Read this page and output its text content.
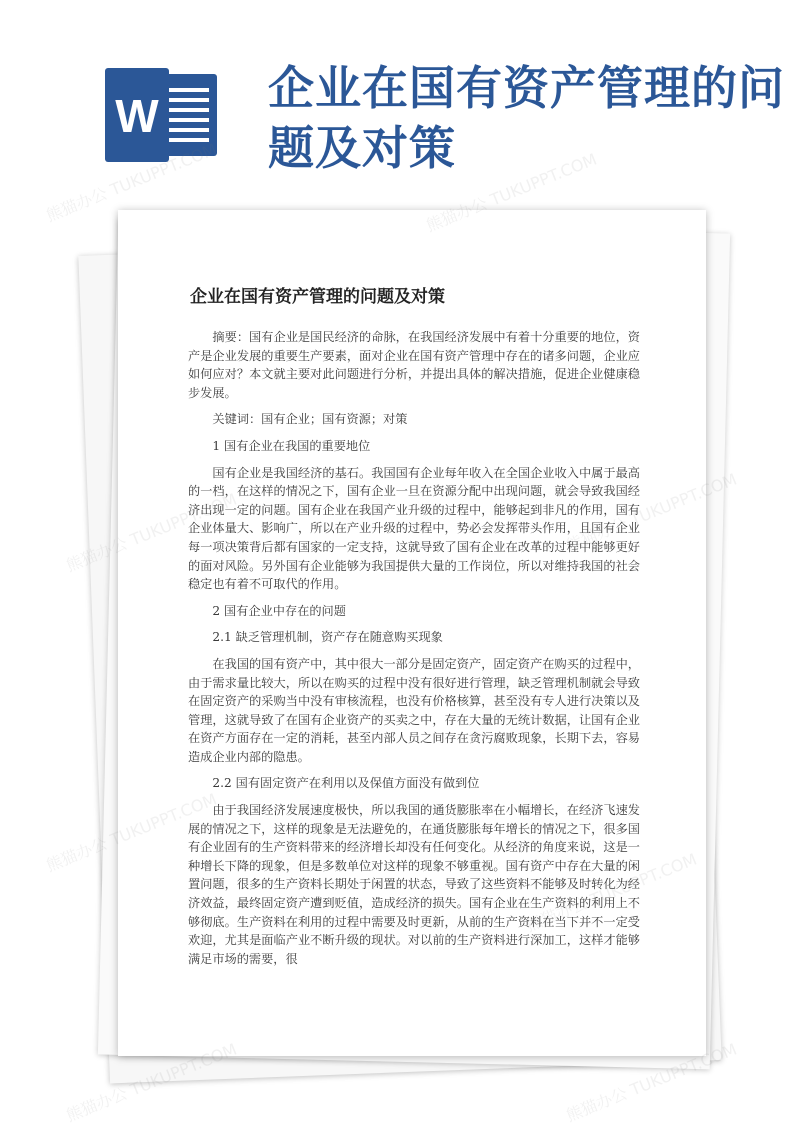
W
企业在国有资产管理的问题及对策
企业在国有资产管理的问题及对策

摘要：国有企业是国民经济的命脉，在我国经济发展中有着十分重要的地位，资产是企业发展的重要生产要素，面对企业在国有资产管理中存在的诸多问题，企业应如何应对？本文就主要对此问题进行分析，并提出具体的解决措施，促进企业健康稳步发展。

关键词：国有企业；国有资源；对策

1 国有企业在我国的重要地位

国有企业是我国经济的基石。我国国有企业每年收入在全国企业收入中属于最高的一档，在这样的情况之下，国有企业一旦在资源分配中出现问题，就会导致我国经济出现一定的问题。国有企业在我国产业升级的过程中，能够起到非凡的作用，国有企业体量大、影响广，所以在产业升级的过程中，势必会发挥带头作用，且国有企业每一项决策背后都有国家的一定支持，这就导致了国有企业在改革的过程中能够更好的面对风险。另外国有企业能够为我国提供大量的工作岗位，所以对维持我国的社会稳定也有着不可取代的作用。

2 国有企业中存在的问题

2.1 缺乏管理机制，资产存在随意购买现象

在我国的国有资产中，其中很大一部分是固定资产，固定资产在购买的过程中，由于需求量比较大，所以在购买的过程中没有很好进行管理，缺乏管理机制就会导致在固定资产的采购当中没有审核流程，也没有价格核算，甚至没有专人进行决策以及管理，这就导致了在国有企业资产的买卖之中，存在大量的无统计数据，让国有企业在资产方面存在一定的消耗，甚至内部人员之间存在贪污腐败现象，长期下去，容易造成企业内部的隐患。

2.2 国有固定资产在利用以及保值方面没有做到位

由于我国经济发展速度极快，所以我国的通货膨胀率在小幅增长，在经济飞速发展的情况之下，这样的现象是无法避免的，在通货膨胀每年增长的情况之下，很多国有企业固有的生产资料带来的经济增长却没有任何变化。从经济的角度来说，这是一种增长下降的现象，但是多数单位对这样的现象不够重视。国有资产中存在大量的闲置问题，很多的生产资料长期处于闲置的状态，导致了这些资料不能够及时转化为经济效益，最终固定资产遭到贬值，造成经济的损失。国有企业在生产资料的利用上不够彻底。生产资料在利用的过程中需要及时更新，从前的生产资料在当下并不一定受欢迎，尤其是面临产业不断升级的现状。对以前的生产资料进行深加工，这样才能够满足市场的需要，很

熊猫办公 TUKUPPT.COM	熊猫办公 TUKUPPT.COM
熊猫办公
熊猫办公 TUKUPPT.COM	熊猫办公 TUKUPPT.COM
